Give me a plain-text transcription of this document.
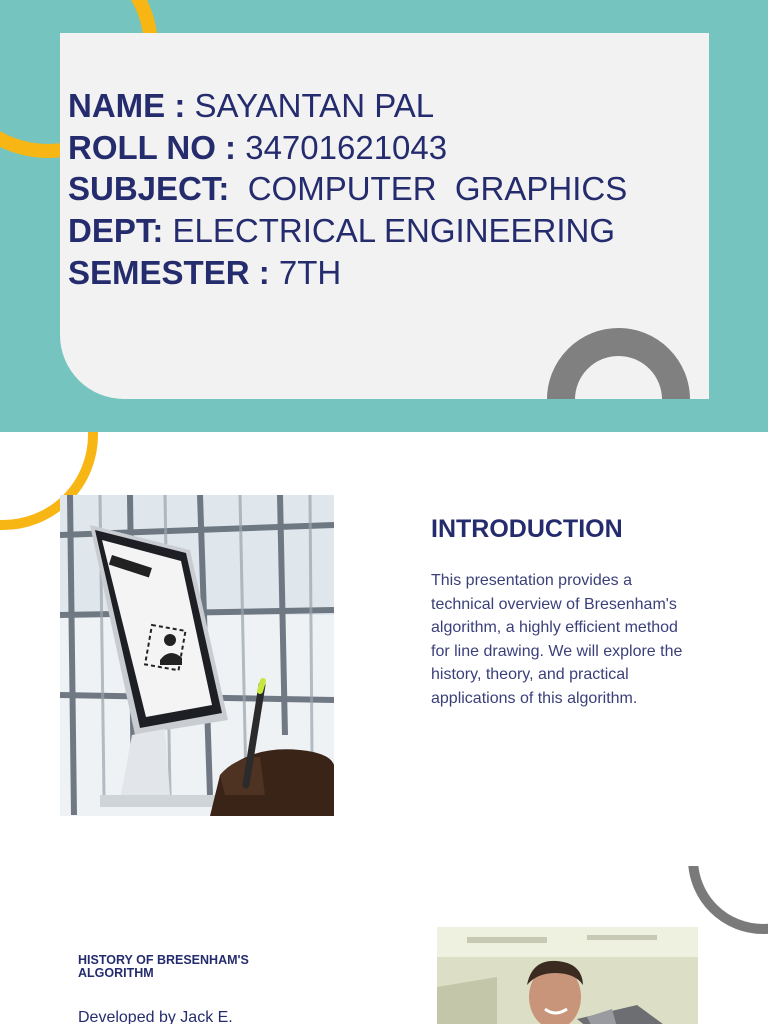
NAME : SAYANTAN PAL
ROLL NO : 34701621043
SUBJECT: COMPUTER  GRAPHICS
DEPT: ELECTRICAL ENGINEERING
SEMESTER : 7TH
INTRODUCTION
This presentation provides a technical overview of Bresenham's algorithm, a highly efficient method for line drawing. We will explore the history, theory, and practical applications of this algorithm.
HISTORY OF BRESENHAM'S ALGORITHM
Developed by Jack E.
